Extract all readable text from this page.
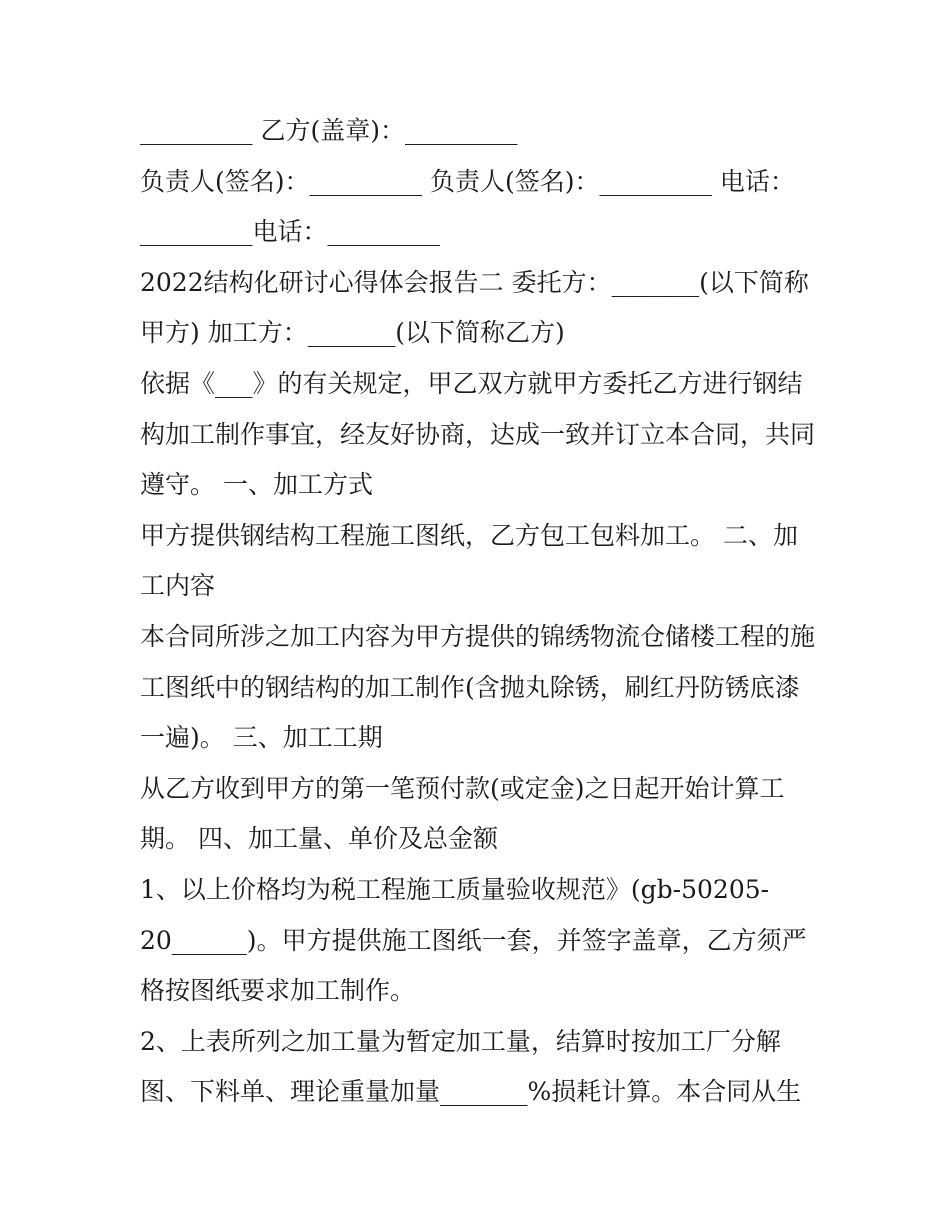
_________ 乙方(盖章)：_________
负责人(签名)：_________ 负责人(签名)：_________ 电话：
_________电话：_________
2022结构化研讨心得体会报告二 委托方：_______(以下简称
甲方) 加工方：_______(以下简称乙方)
依据《___》的有关规定，甲乙双方就甲方委托乙方进行钢结
构加工制作事宜，经友好协商，达成一致并订立本合同，共同
遵守。 一、加工方式
甲方提供钢结构工程施工图纸，乙方包工包料加工。 二、加
工内容
本合同所涉之加工内容为甲方提供的锦绣物流仓储楼工程的施
工图纸中的钢结构的加工制作(含抛丸除锈，刷红丹防锈底漆
一遍)。 三、加工工期
从乙方收到甲方的第一笔预付款(或定金)之日起开始计算工
期。 四、加工量、单价及总金额
1、以上价格均为税工程施工质量验收规范》(gb-50205-
20______)。甲方提供施工图纸一套，并签字盖章，乙方须严
格按图纸要求加工制作。
2、上表所列之加工量为暂定加工量，结算时按加工厂分解
图、下料单、理论重量加量_______%损耗计算。本合同从生
